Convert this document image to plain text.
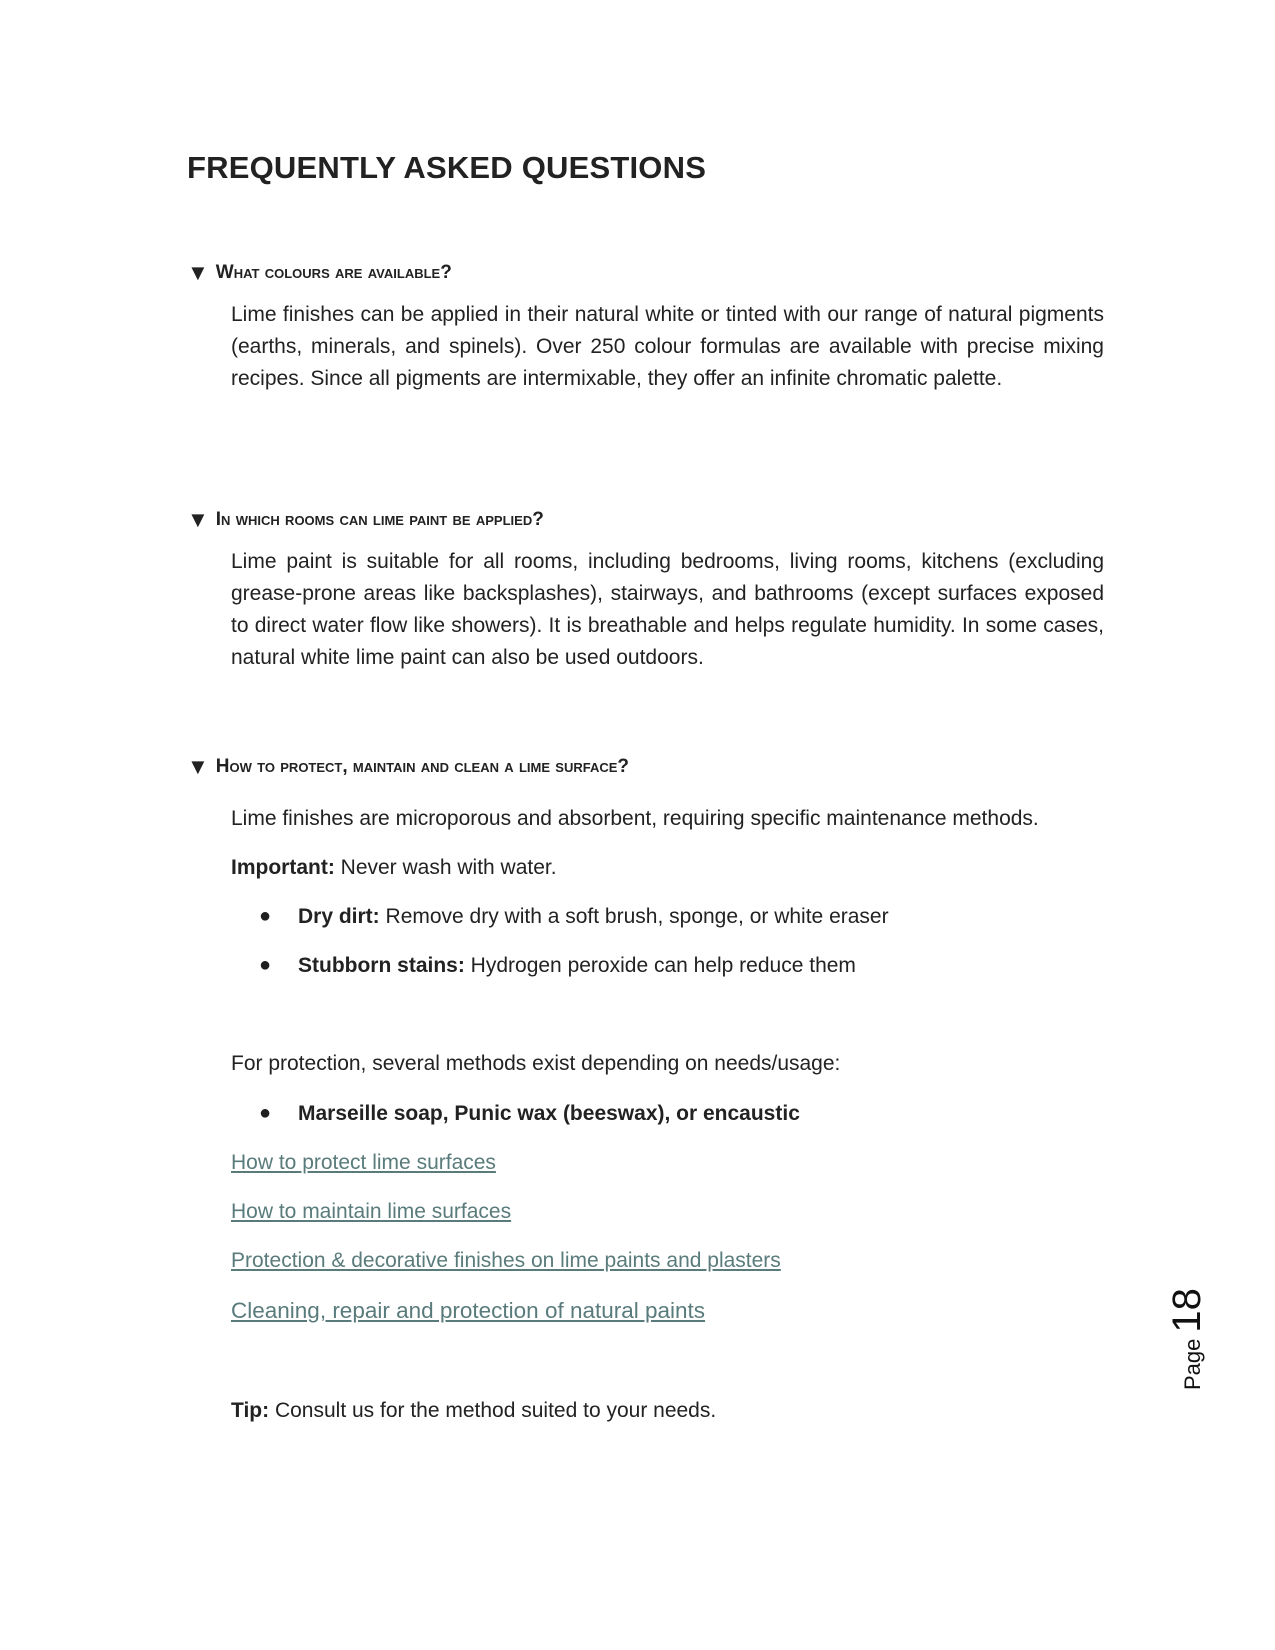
FREQUENTLY ASKED QUESTIONS
▼ What colours are available?

Lime finishes can be applied in their natural white or tinted with our range of natural pigments (earths, minerals, and spinels). Over 250 colour formulas are available with precise mixing recipes. Since all pigments are intermixable, they offer an infinite chromatic palette.

▼ In which rooms can lime paint be applied?

Lime paint is suitable for all rooms, including bedrooms, living rooms, kitchens (excluding grease-prone areas like backsplashes), stairways, and bathrooms (except surfaces exposed to direct water flow like showers). It is breathable and helps regulate humidity. In some cases, natural white lime paint can also be used outdoors.

▼ How to protect, maintain and clean a lime surface?

Lime finishes are microporous and absorbent, requiring specific maintenance methods.

Important: Never wash with water.

● Dry dirt: Remove dry with a soft brush, sponge, or white eraser
● Stubborn stains: Hydrogen peroxide can help reduce them

For protection, several methods exist depending on needs/usage:

● Marseille soap, Punic wax (beeswax), or encaustic
How to protect lime surfaces
How to maintain lime surfaces
Protection & decorative finishes on lime paints and plasters
Cleaning, repair and protection of natural paints

Tip: Consult us for the method suited to your needs.

Page
18
